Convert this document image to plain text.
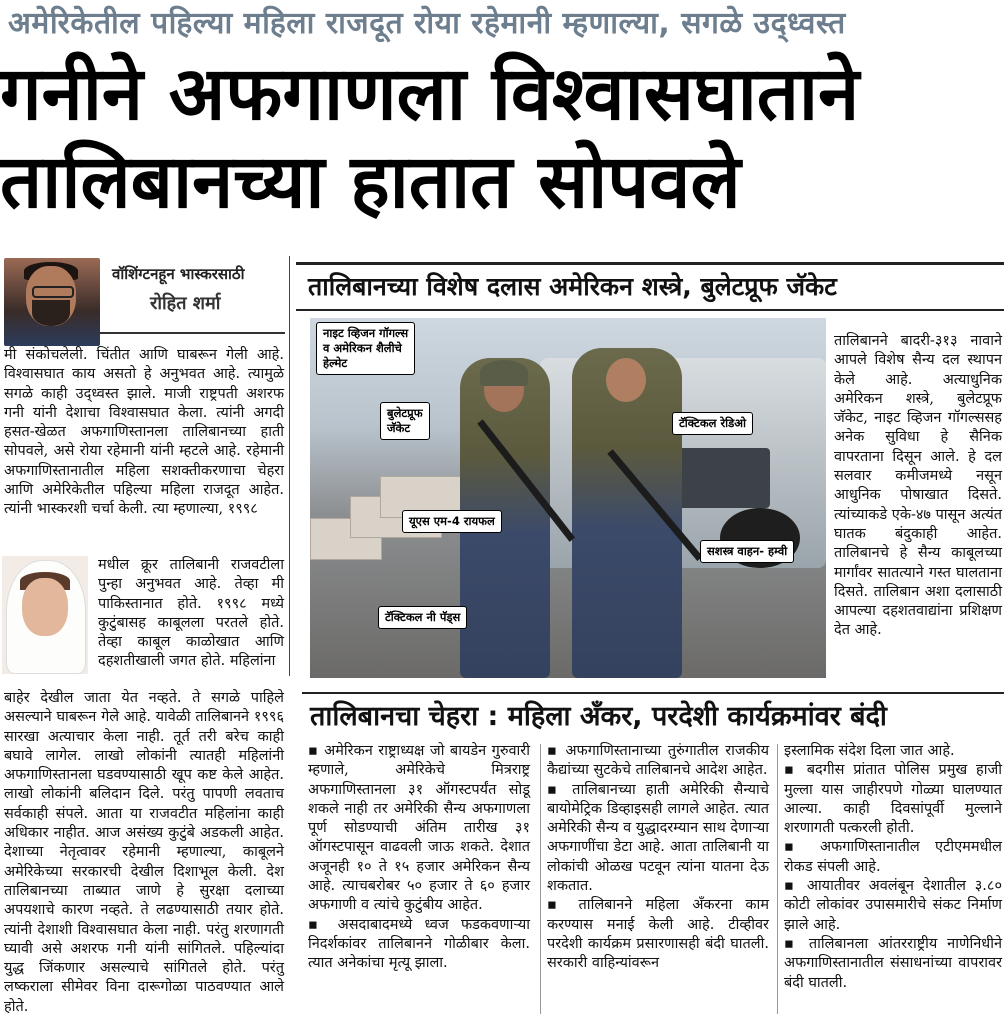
अमेरिकेतील पहिल्या महिला राजदूत रोया रहेमानी म्हणाल्या, सगळे उद्ध्वस्त
गनीने अफगाणला विश्वासघाताने
तालिबानच्या हातात सोपवले
वॉशिंग्टनहून भास्करसाठी
रोहित शर्मा

मी संकोचलेली. चिंतीत आणि घाबरून गेली आहे. विश्वासघात काय असतो हे अनुभवत आहे. त्यामुळे सगळे काही उद्ध्वस्त झाले. माजी राष्ट्रपती अशरफ गनी यांनी देशाचा विश्वासघात केला. त्यांनी अगदी हसत-खेळत अफगाणिस्तानला तालिबानच्या हाती सोपवले, असे रोया रहेमानी यांनी म्हटले आहे. रहेमानी अफगाणिस्तानातील महिला सशक्तीकरणाचा चेहरा आणि अमेरिकेतील पहिल्या महिला राजदूत आहेत. त्यांनी भास्करशी चर्चा केली. त्या म्हणाल्या, १९९८

मधील क्रूर तालिबानी राजवटीला पुन्हा अनुभवत आहे. तेव्हा मी पाकिस्तानात होते. १९९८ मध्ये कुटुंबासह काबूलला परतले होते. तेव्हा काबूल काळोखात आणि दहशतीखाली जगत होते. महिलांना

बाहेर देखील जाता येत नव्हते. ते सगळे पाहिले असल्याने घाबरून गेले आहे. यावेळी तालिबानने १९९६ सारखा अत्याचार केला नाही. तूर्त तरी बरेच काही बघावे लागेल. लाखो लोकांनी त्यातही महिलांनी अफगाणिस्तानला घडवण्यासाठी खूप कष्ट केले आहेत. लाखो लोकांनी बलिदान दिले. परंतु पापणी लवताच सर्वकाही संपले. आता या राजवटीत महिलांना काही अधिकार नाहीत. आज असंख्य कुटुंबे अडकली आहेत. देशाच्या नेतृत्वावर रहेमानी म्हणाल्या, काबूलने अमेरिकेच्या सरकारची देखील दिशाभूल केली. देश तालिबानच्या ताब्यात जाणे हे सुरक्षा दलाच्या अपयशाचे कारण नव्हते. ते लढण्यासाठी तयार होते. त्यांनी देशाशी विश्वासघात केला नाही. परंतु शरणागती घ्यावी असे अशरफ गनी यांनी सांगितले. पहिल्यांदा युद्ध जिंकणार असल्याचे सांगितले होते. परंतु लष्कराला सीमेवर विना दारूगोळा पाठवण्यात आले होते.

तालिबानच्या विशेष दलास अमेरिकन शस्त्रे, बुलेटप्रूफ जॅकेट
नाइट व्हिजन गॉगल्स
व अमेरिकन शैलीचे
हेल्मेट
बुलेटप्रूफ
जॅकेट	टॅक्टिकल रेडिओ
यूएस एम-4 रायफल
सशस्त्र वाहन- हम्वी
टॅक्टिकल नी पॅड्स

तालिबानने बादरी-३१३ नावाने आपले विशेष सैन्य दल स्थापन केले आहे. अत्याधुनिक अमेरिकन शस्त्रे, बुलेटप्रूफ जॅकेट, नाइट व्हिजन गॉगल्ससह अनेक सुविधा हे सैनिक वापरताना दिसून आले. हे दल सलवार कमीजमध्ये नसून आधुनिक पोषाखात दिसते. त्यांच्याकडे एके-४७ पासून अत्यंत घातक बंदुकाही आहेत. तालिबानचे हे सैन्य काबूलच्या मार्गांवर सातत्याने गस्त घालताना दिसते. तालिबान अशा दलासाठी आपल्या दहशतवाद्यांना प्रशिक्षण देत आहे.

तालिबानचा चेहरा : महिला अँकर, परदेशी कार्यक्रमांवर बंदी

▪ अमेरिकन राष्ट्राध्यक्ष जो बायडेन गुरुवारी म्हणाले, अमेरिकेचे मित्रराष्ट्र अफगाणिस्तानला ३१ ऑगस्टपर्यंत सोडू शकले नाही तर अमेरिकी सैन्य अफगाणला पूर्ण सोडण्याची अंतिम तारीख ३१ ऑगस्टपासून वाढवली जाऊ शकते. देशात अजूनही १० ते १५ हजार अमेरिकन सैन्य आहे. त्याचबरोबर ५० हजार ते ६० हजार अफगाणी व त्यांचे कुटुंबीय आहेत.

▪ असदाबादमध्ये ध्वज फडकवणाऱ्या निदर्शकांवर तालिबानने गोळीबार केला. त्यात अनेकांचा मृत्यू झाला.

▪ अफगाणिस्तानाच्या तुरुंगातील राजकीय कैद्यांच्या सुटकेचे तालिबानचे आदेश आहेत.

▪ तालिबानच्या हाती अमेरिकी सैन्याचे बायोमेट्रिक डिव्हाइसही लागले आहेत. त्यात अमेरिकी सैन्य व युद्धादरम्यान साथ देणाऱ्या अफगाणींचा डेटा आहे. आता तालिबानी या लोकांची ओळख पटवून त्यांना यातना देऊ शकतात.

▪ तालिबानने महिला अँकरना काम करण्यास मनाई केली आहे. टीव्हीवर परदेशी कार्यक्रम प्रसारणासही बंदी घातली. सरकारी वाहिन्यांवरून

इस्लामिक संदेश दिला जात आहे.

▪ बदगीस प्रांतात पोलिस प्रमुख हाजी मुल्ला यास जाहीरपणे गोळ्या घालण्यात आल्या. काही दिवसांपूर्वी मुल्लाने शरणागती पत्करली होती.

▪ अफगाणिस्तानातील एटीएममधील रोकड संपली आहे.

▪ आयातीवर अवलंबून देशातील ३.८० कोटी लोकांवर उपासमारीचे संकट निर्माण झाले आहे.

▪ तालिबानला आंतरराष्ट्रीय नाणेनिधीने अफगाणिस्तानातील संसाधनांच्या वापरावर बंदी घातली.
